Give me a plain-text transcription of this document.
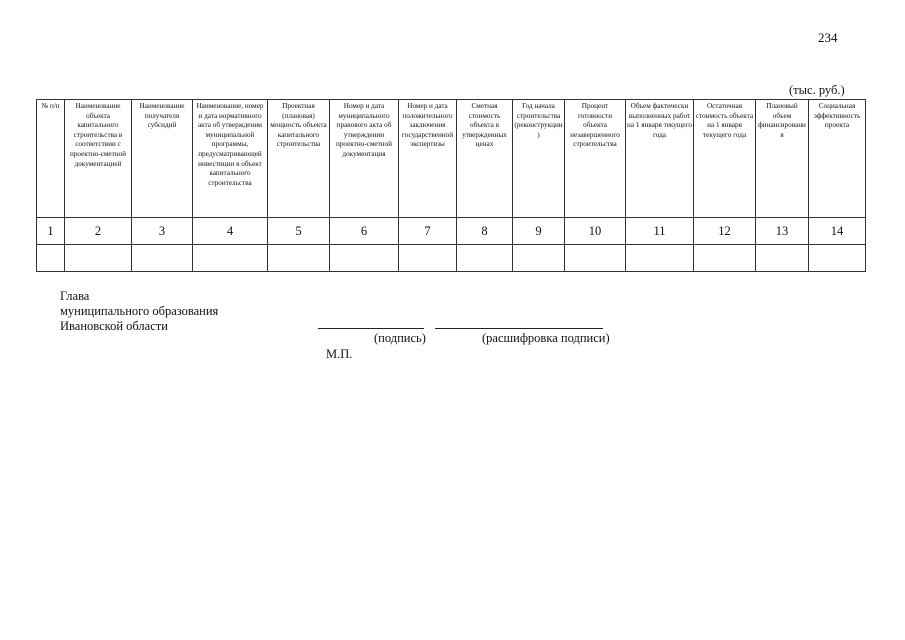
234
(тыс. руб.)
№ п/п	Наименование объекта капитального строительства в соответствии с проектно-сметной документацией	Наименование получателя субсидий	Наименование, номер и дата нормативного акта об утверждении муниципальной программы, предусматривающей инвестиции в объект капитального строительства	Проектная (плановая) мощность объекта капитального строительства	Номер и дата муниципального правового акта об утверждении проектно-сметной документация	Номер и дата положительного заключения государственной экспертизы	Сметная стоимость объекта в утвержденных ценах	Год начала строительства (реконструкции)	Процент готовности объекта незавершенного строительства	Объем фактически выполненных работ на 1 января текущего года	Остаточная стоимость объекта на 1 января текущего года	Плановый объем финансирования	Социальная эффективность проекта
1	2	3	4	5	6	7	8	9	10	11	12	13	14

Глава
муниципального образования
Ивановской области
(подпись)	(расшифровка подписи)
М.П.
